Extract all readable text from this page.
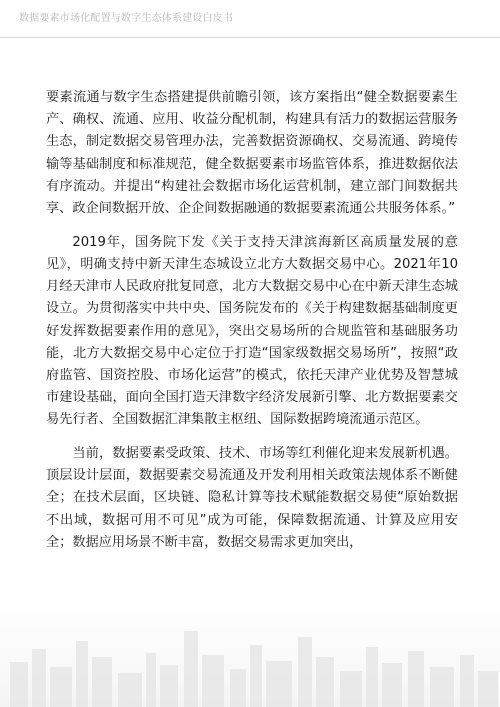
数据要素市场化配置与数字生态体系建设白皮书

要素流通与数字生态搭建提供前瞻引领，该方案指出“健全数据要素生产、确权、流通、应用、收益分配机制，构建具有活力的数据运营服务生态，制定数据交易管理办法，完善数据资源确权、交易流通、跨境传输等基础制度和标准规范，健全数据要素市场监管体系，推进数据依法有序流动。并提出“构建社会数据市场化运营机制，建立部门间数据共享、政企间数据开放、企企间数据融通的数据要素流通公共服务体系。”

2019年，国务院下发《关于支持天津滨海新区高质量发展的意见》，明确支持中新天津生态城设立北方大数据交易中心。2021年10月经天津市人民政府批复同意，北方大数据交易中心在中新天津生态城设立。为贯彻落实中共中央、国务院发布的《关于构建数据基础制度更好发挥数据要素作用的意见》，突出交易场所的合规监管和基础服务功能，北方大数据交易中心定位于打造“国家级数据交易场所”，按照“政府监管、国资控股、市场化运营”的模式，依托天津产业优势及智慧城市建设基础，面向全国打造天津数字经济发展新引擎、北方数据要素交易先行者、全国数据汇津集散主枢纽、国际数据跨境流通示范区。

当前，数据要素受政策、技术、市场等红利催化迎来发展新机遇。顶层设计层面，数据要素交易流通及开发利用相关政策法规体系不断健全；在技术层面，区块链、隐私计算等技术赋能数据交易使“原始数据不出域，数据可用不可见”成为可能，保障数据流通、计算及应用安全；数据应用场景不断丰富，数据交易需求更加突出，
